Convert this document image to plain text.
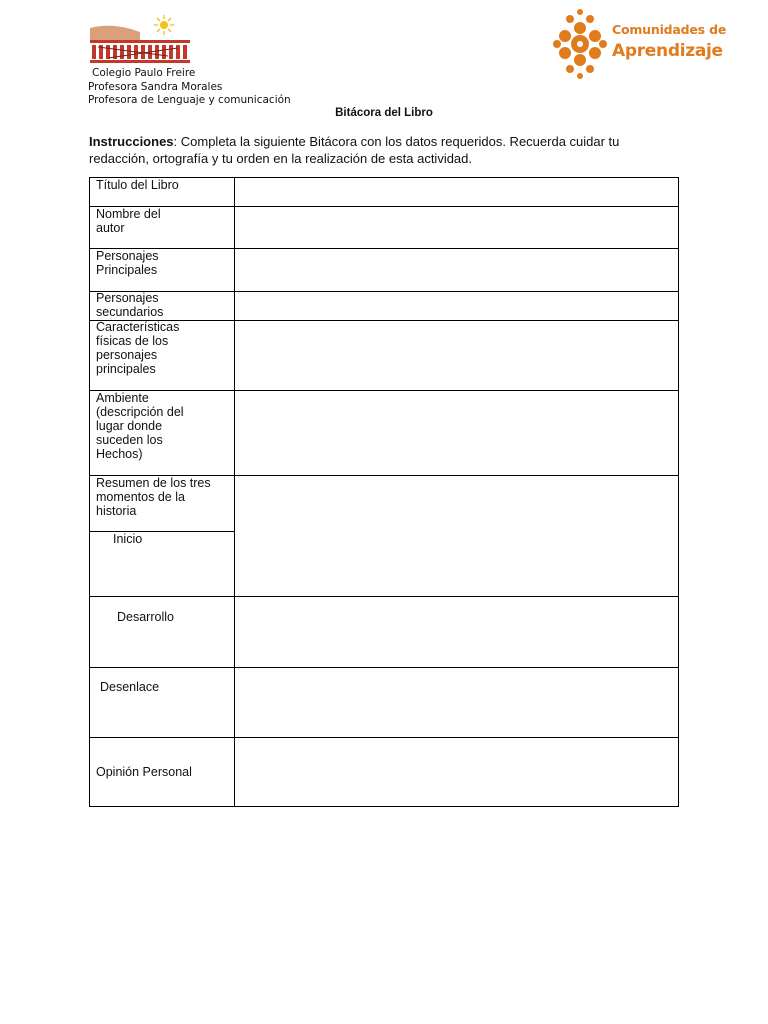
Colegio Paulo Freire
Profesora Sandra Morales
Profesora de Lenguaje y comunicación
Comunidades de
Aprendizaje
Bitácora del Libro
Instrucciones: Completa la siguiente Bitácora con los datos requeridos. Recuerda cuidar tu redacción, ortografía y tu orden en la realización de esta actividad.
Título del Libro
Nombre del autor
Personajes Principales
Personajes secundarios
Características físicas de los personajes principales
Ambiente (descripción del lugar donde suceden los Hechos)
Resumen de los tres momentos de la historia
Inicio
Desarrollo
Desenlace
Opinión Personal
